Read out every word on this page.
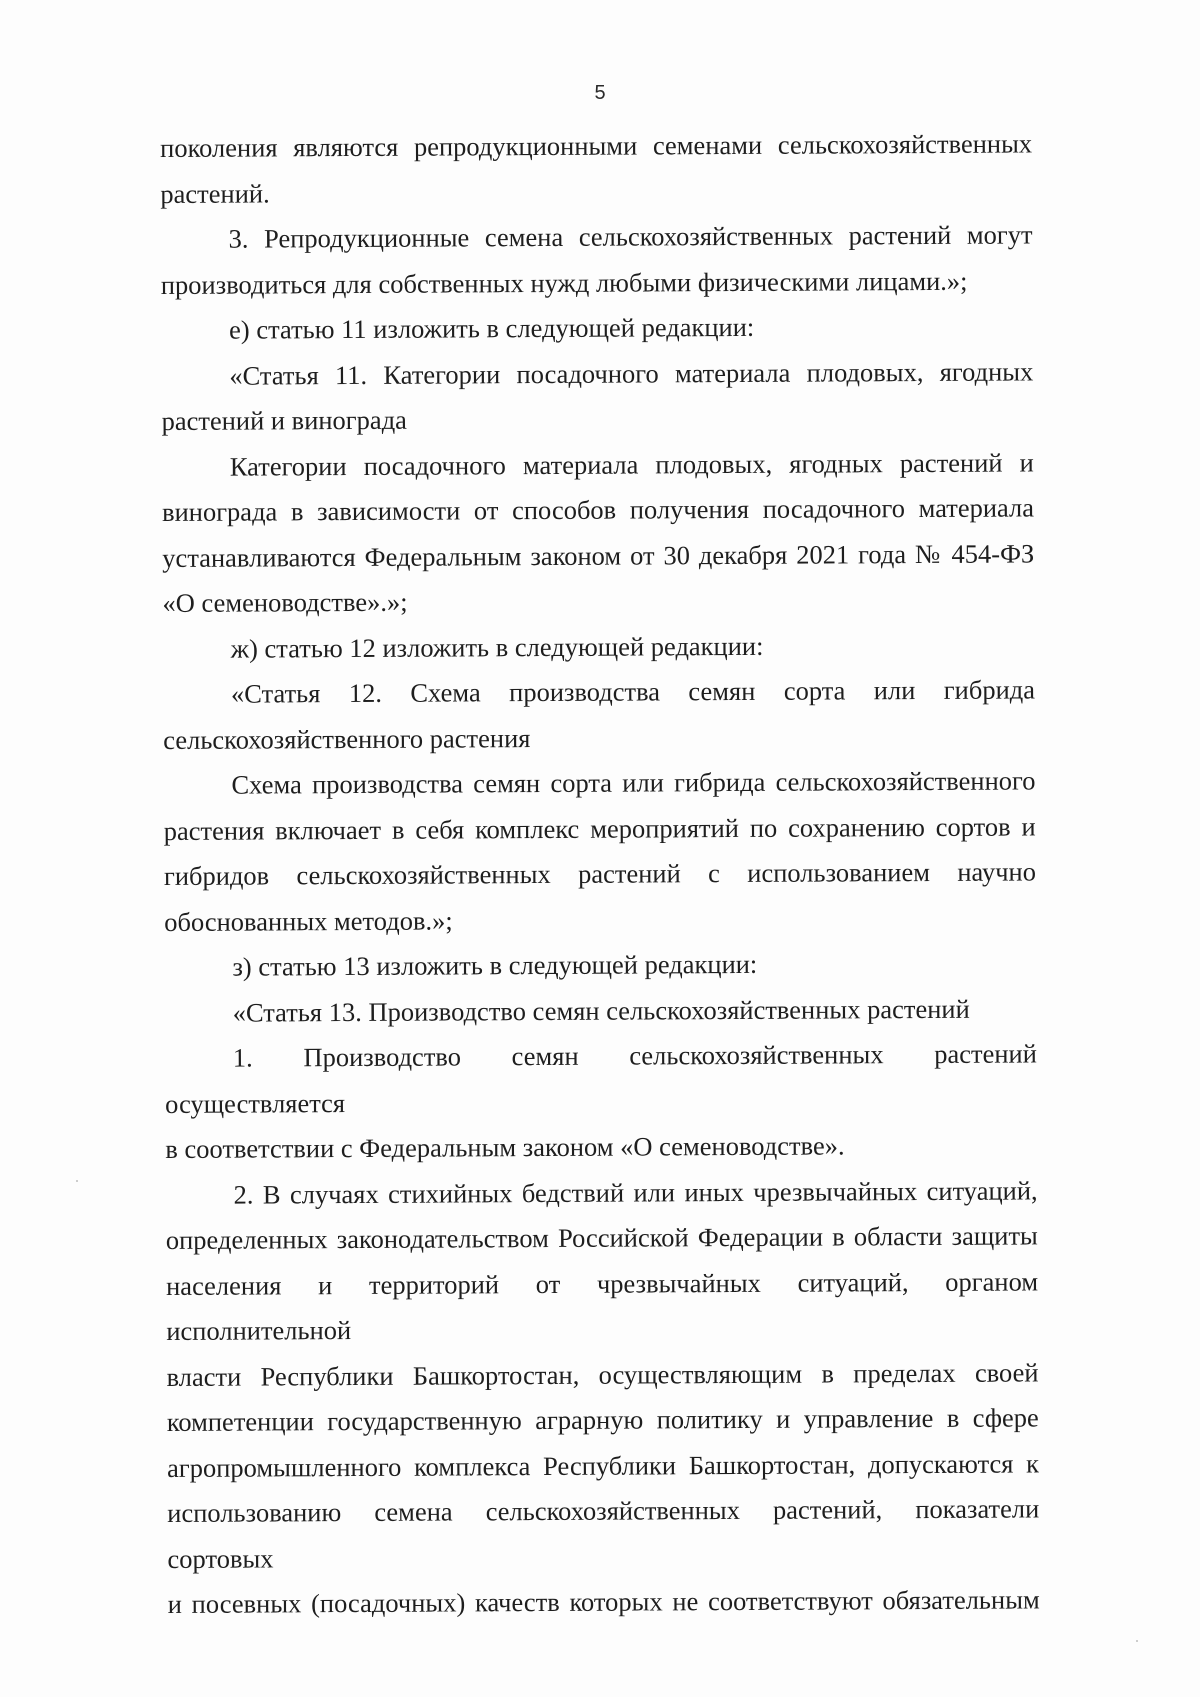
5
поколения являются репродукционными семенами сельскохозяйственных
растений.
3. Репродукционные семена сельскохозяйственных растений могут
производиться для собственных нужд любыми физическими лицами.»;
е) статью 11 изложить в следующей редакции:
«Статья 11. Категории посадочного материала плодовых, ягодных
растений и винограда
Категории посадочного материала плодовых, ягодных растений и
винограда в зависимости от способов получения посадочного материала
устанавливаются Федеральным законом от 30 декабря 2021 года № 454-ФЗ
«О семеноводстве».»;
ж) статью 12 изложить в следующей редакции:
«Статья 12. Схема производства семян сорта или гибрида
сельскохозяйственного растения
Схема производства семян сорта или гибрида сельскохозяйственного
растения включает в себя комплекс мероприятий по сохранению сортов и
гибридов сельскохозяйственных растений с использованием научно
обоснованных методов.»;
з) статью 13 изложить в следующей редакции:
«Статья 13. Производство семян сельскохозяйственных растений
1. Производство семян сельскохозяйственных растений осуществляется
в соответствии с Федеральным законом «О семеноводстве».
2. В случаях стихийных бедствий или иных чрезвычайных ситуаций,
определенных законодательством Российской Федерации в области защиты
населения и территорий от чрезвычайных ситуаций, органом исполнительной
власти Республики Башкортостан, осуществляющим в пределах своей
компетенции государственную аграрную политику и управление в сфере
агропромышленного комплекса Республики Башкортостан, допускаются к
использованию семена сельскохозяйственных растений, показатели сортовых
и посевных (посадочных) качеств которых не соответствуют обязательным
